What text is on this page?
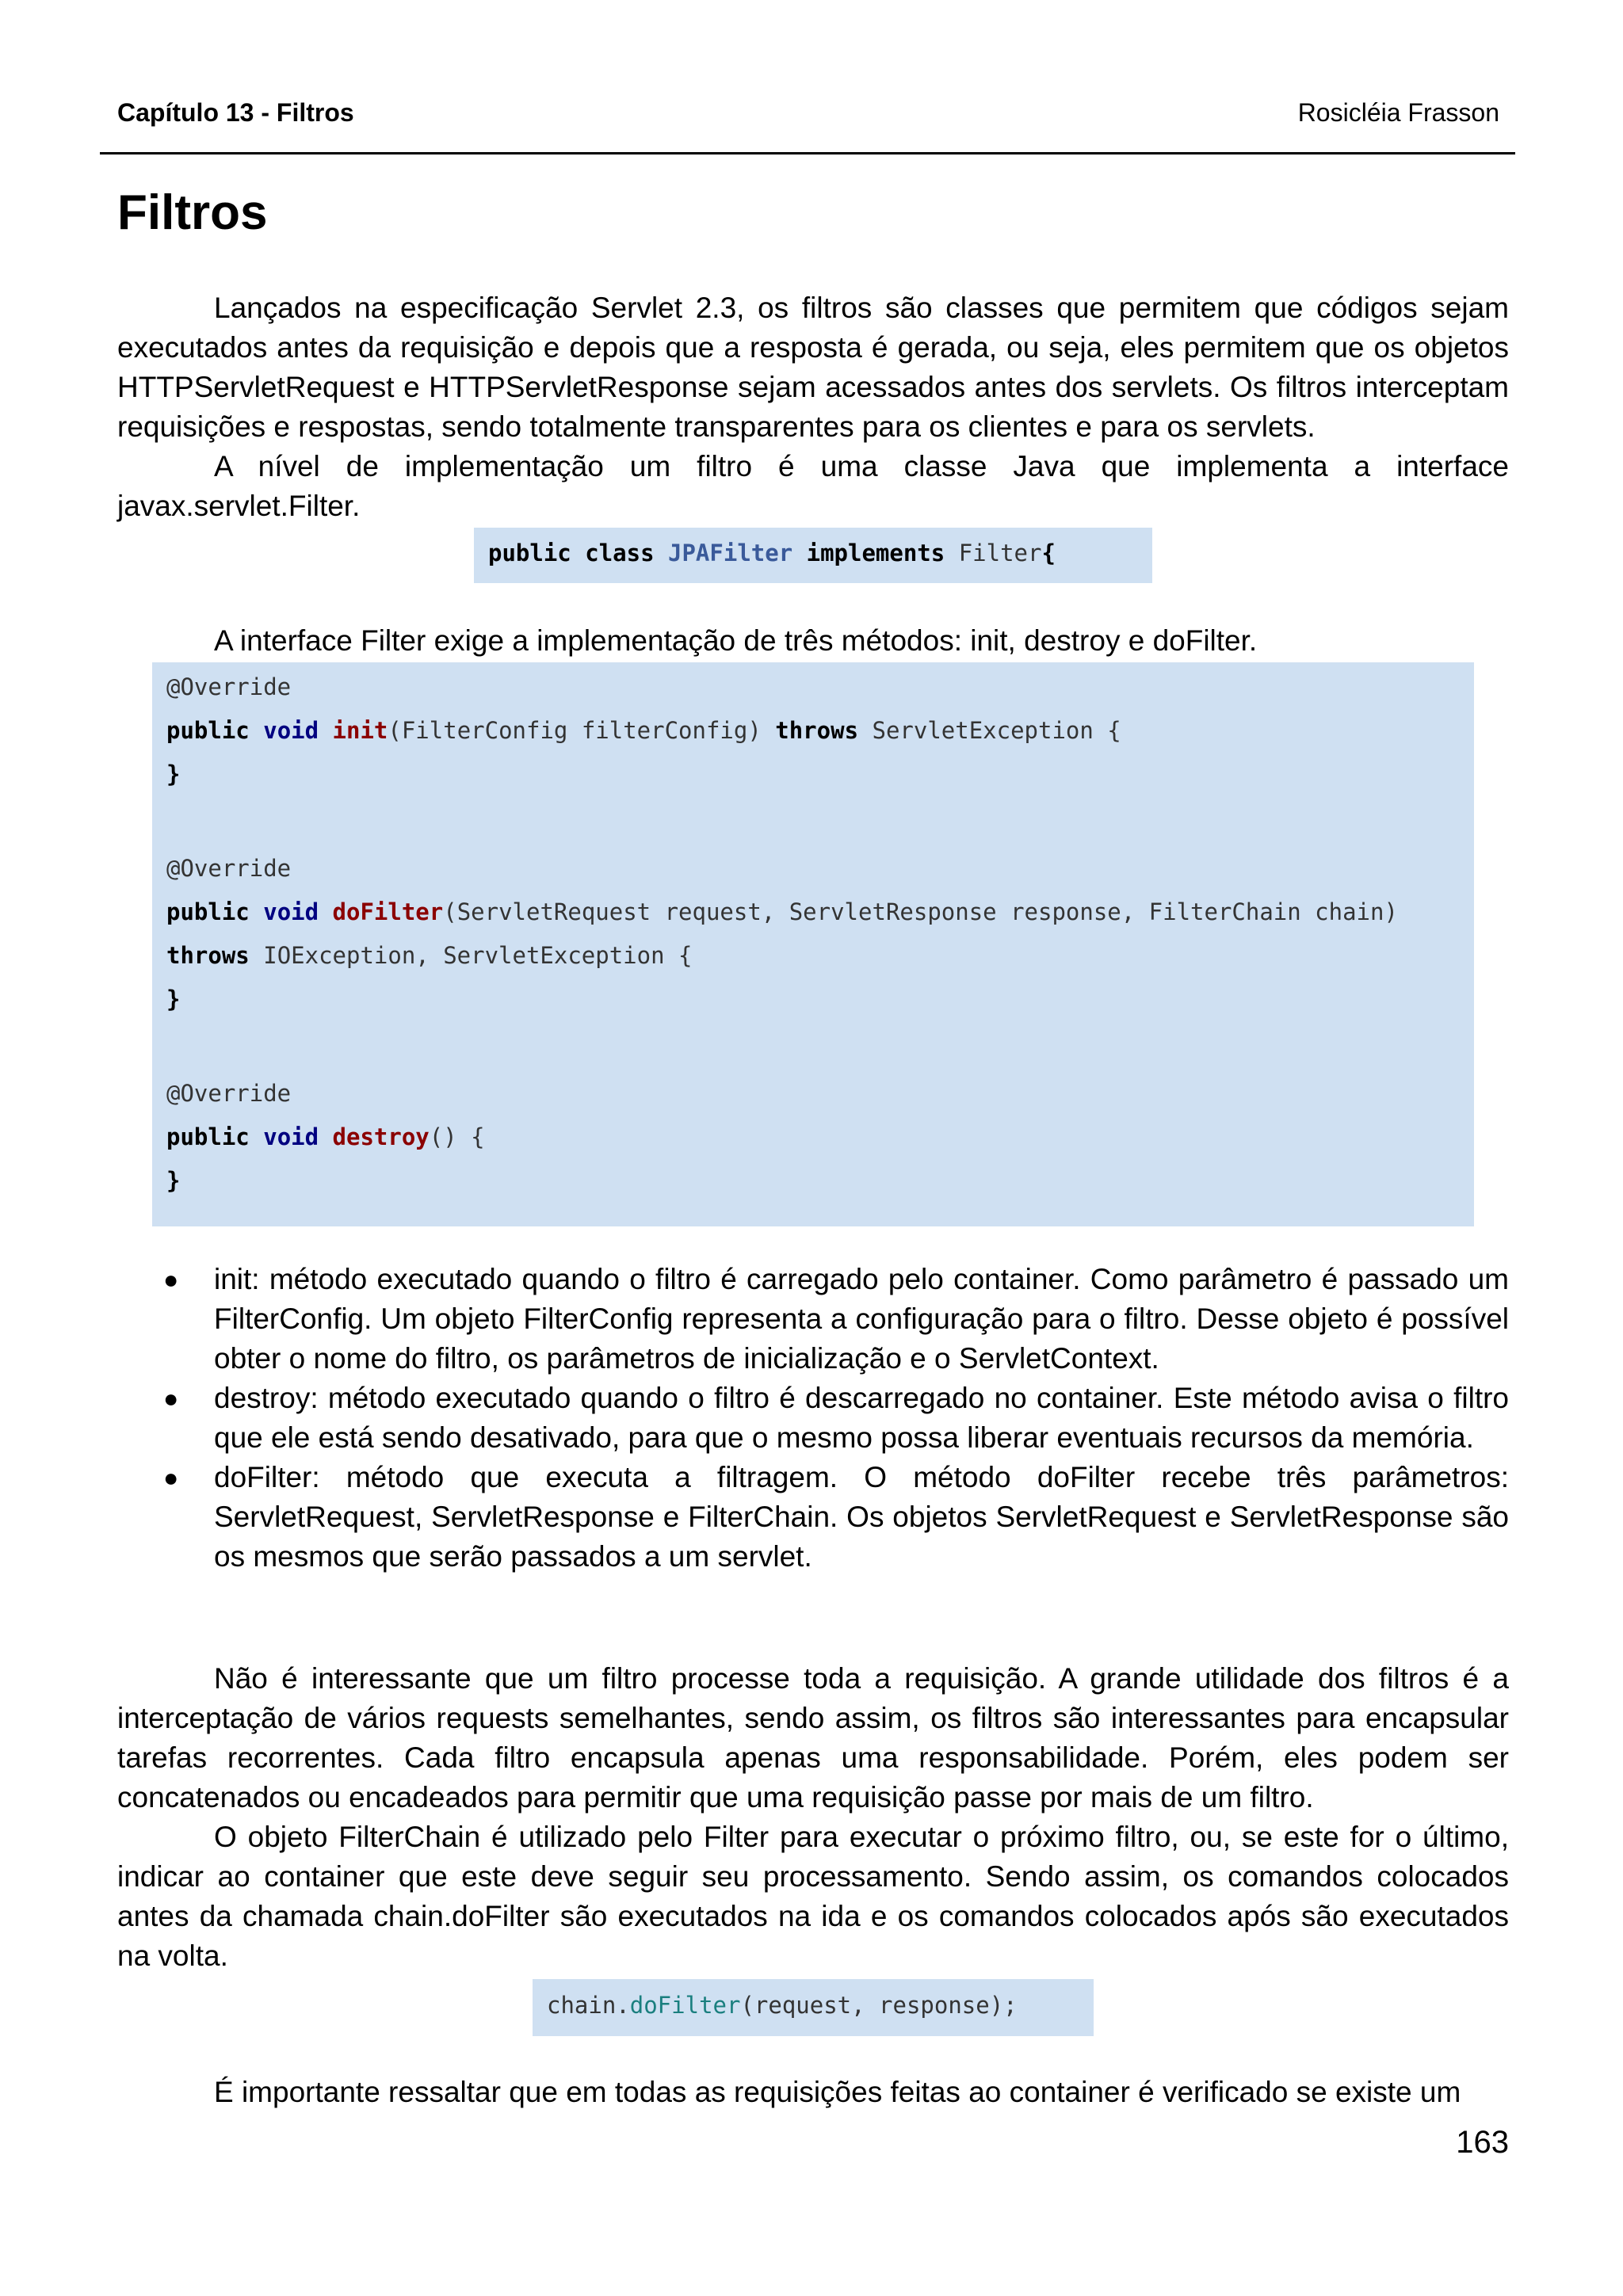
Capítulo 13 - Filtros	Rosicléia Frasson
Filtros

Lançados na especificação Servlet 2.3, os filtros são classes que permitem que códigos sejam executados antes da requisição e depois que a resposta é gerada, ou seja, eles permitem que os objetos HTTPServletRequest e HTTPServletResponse sejam acessados antes dos servlets. Os filtros interceptam requisições e respostas, sendo totalmente transparentes para os clientes e para os servlets.

A nível de implementação um filtro é uma classe Java que implementa a interface javax.servlet.Filter.

public class JPAFilter implements Filter{

A interface Filter exige a implementação de três métodos: init, destroy e doFilter.

@Override
public void init(FilterConfig filterConfig) throws ServletException {
}
@Override
public void doFilter(ServletRequest request, ServletResponse response, FilterChain chain)
throws IOException, ServletException {
}
@Override
public void destroy() {
}
● init: método executado quando o filtro é carregado pelo container. Como parâmetro é passado um FilterConfig. Um objeto FilterConfig representa a configuração para o filtro. Desse objeto é possível obter o nome do filtro, os parâmetros de inicialização e o ServletContext.
● destroy: método executado quando o filtro é descarregado no container. Este método avisa o filtro que ele está sendo desativado, para que o mesmo possa liberar eventuais recursos da memória.
● doFilter: método que executa a filtragem. O método doFilter recebe três parâmetros: ServletRequest, ServletResponse e FilterChain. Os objetos ServletRequest e ServletResponse são os mesmos que serão passados a um servlet.

Não é interessante que um filtro processe toda a requisição. A grande utilidade dos filtros é a interceptação de vários requests semelhantes, sendo assim, os filtros são interessantes para encapsular tarefas recorrentes. Cada filtro encapsula apenas uma responsabilidade. Porém, eles podem ser concatenados ou encadeados para permitir que uma requisição passe por mais de um filtro.

O objeto FilterChain é utilizado pelo Filter para executar o próximo filtro, ou, se este for o último, indicar ao container que este deve seguir seu processamento. Sendo assim, os comandos colocados antes da chamada chain.doFilter são executados na ida e os comandos colocados após são executados na volta.

chain.doFilter(request, response);

É importante ressaltar que em todas as requisições feitas ao container é verificado se existe um

163
